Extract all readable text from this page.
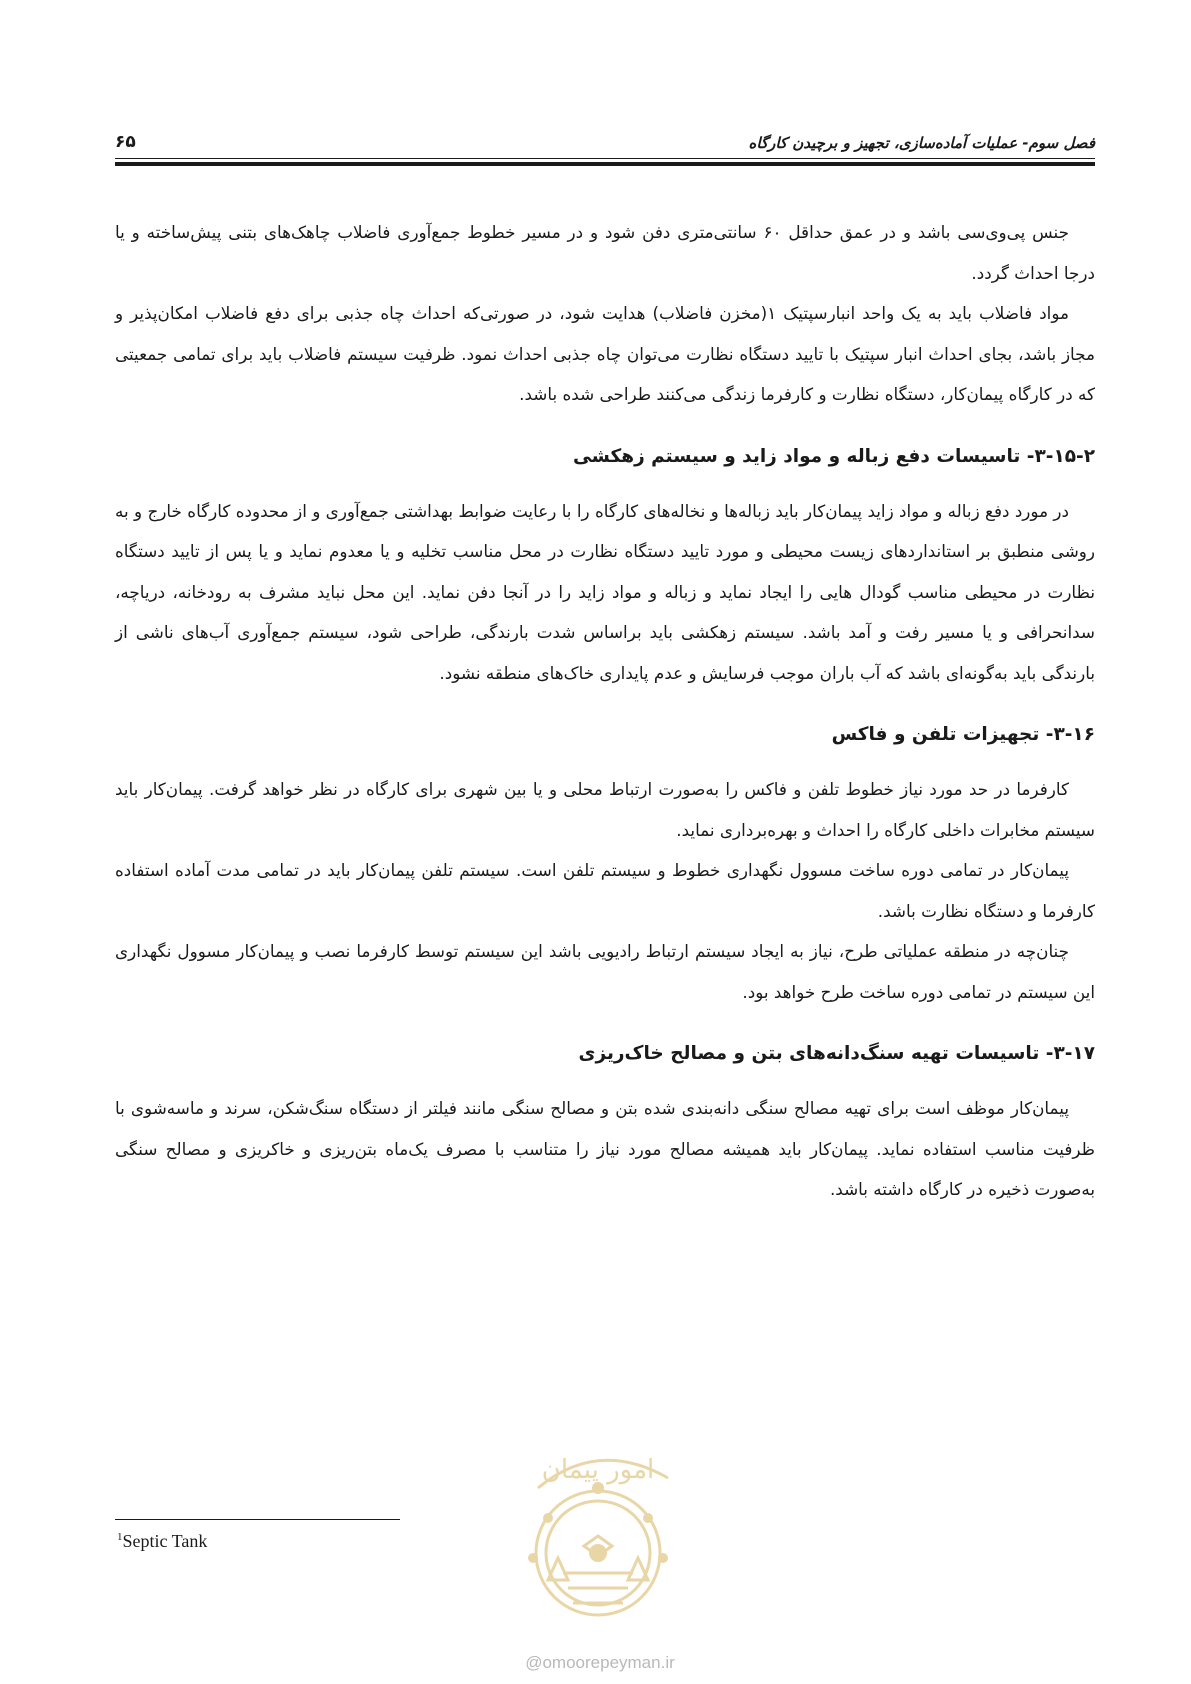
فصل سوم- عملیات آماده‌سازی، تجهیز و برچیدن کارگاه
۶۵

جنس پی‌وی‌سی باشد و در عمق حداقل ۶۰ سانتی‌متری دفن شود و در مسیر خطوط جمع‌آوری فاضلاب چاهک‌های بتنی پیش‌ساخته و یا درجا احداث گردد.

مواد فاضلاب باید به یک واحد انبارسپتیک ۱(مخزن فاضلاب) هدایت شود، در صورتی‌که احداث چاه جذبی برای دفع فاضلاب امکان‌پذیر و مجاز باشد، بجای احداث انبار سپتیک با تایید دستگاه نظارت می‌توان چاه جذبی احداث نمود. ظرفیت سیستم فاضلاب باید برای تمامی جمعیتی که در کارگاه پیمان‌کار، دستگاه نظارت و کارفرما زندگی می‌کنند طراحی شده باشد.

۳-۱۵-۲- تاسیسات دفع زباله و مواد زاید و سیستم زهکشی

در مورد دفع زباله و مواد زاید پیمان‌کار باید زباله‌ها و نخاله‌های کارگاه را با رعایت ضوابط بهداشتی جمع‌آوری و از محدوده کارگاه خارج و به روشی منطبق بر استانداردهای زیست محیطی و مورد تایید دستگاه نظارت در محل مناسب تخلیه و یا معدوم نماید و یا پس از تایید دستگاه نظارت در محیطی مناسب گودال هایی را ایجاد نماید و زباله و مواد زاید را در آنجا دفن نماید. این محل نباید مشرف به رودخانه، دریاچه، سدانحرافی و یا مسیر رفت و آمد باشد. سیستم زهکشی باید براساس شدت بارندگی، طراحی شود، سیستم جمع‌آوری آب‌های ناشی از بارندگی باید به‌گونه‌ای باشد که آب باران موجب فرسایش و عدم پایداری خاک‌های منطقه نشود.

۳-۱۶- تجهیزات تلفن و فاکس

کارفرما در حد مورد نیاز خطوط تلفن و فاکس را به‌صورت ارتباط محلی و یا بین شهری برای کارگاه در نظر خواهد گرفت. پیمان‌کار باید سیستم مخابرات داخلی کارگاه را احداث و بهره‌برداری نماید.

پیمان‌کار در تمامی دوره ساخت مسوول نگهداری خطوط و سیستم تلفن است. سیستم تلفن پیمان‌کار باید در تمامی مدت آماده استفاده کارفرما و دستگاه نظارت باشد.

چنان‌چه در منطقه عملیاتی طرح، نیاز به ایجاد سیستم ارتباط رادیویی باشد این سیستم توسط کارفرما نصب و پیمان‌کار مسوول نگهداری این سیستم در تمامی دوره ساخت طرح خواهد بود.

۳-۱۷- تاسیسات تهیه سنگ‌دانه‌های بتن و مصالح خاک‌ریزی

پیمان‌کار موظف است برای تهیه مصالح سنگی دانه‌بندی شده بتن و مصالح سنگی مانند فیلتر از دستگاه سنگ‌شکن، سرند و ماسه‌شوی با ظرفیت مناسب استفاده نماید. پیمان‌کار باید همیشه مصالح مورد نیاز را متناسب با مصرف یک‌ماه بتن‌ریزی و خاکریزی و مصالح سنگی به‌صورت ذخیره در کارگاه داشته باشد.

$^1$Septic Tank
امور پیمان
@omoorepeyman.ir
